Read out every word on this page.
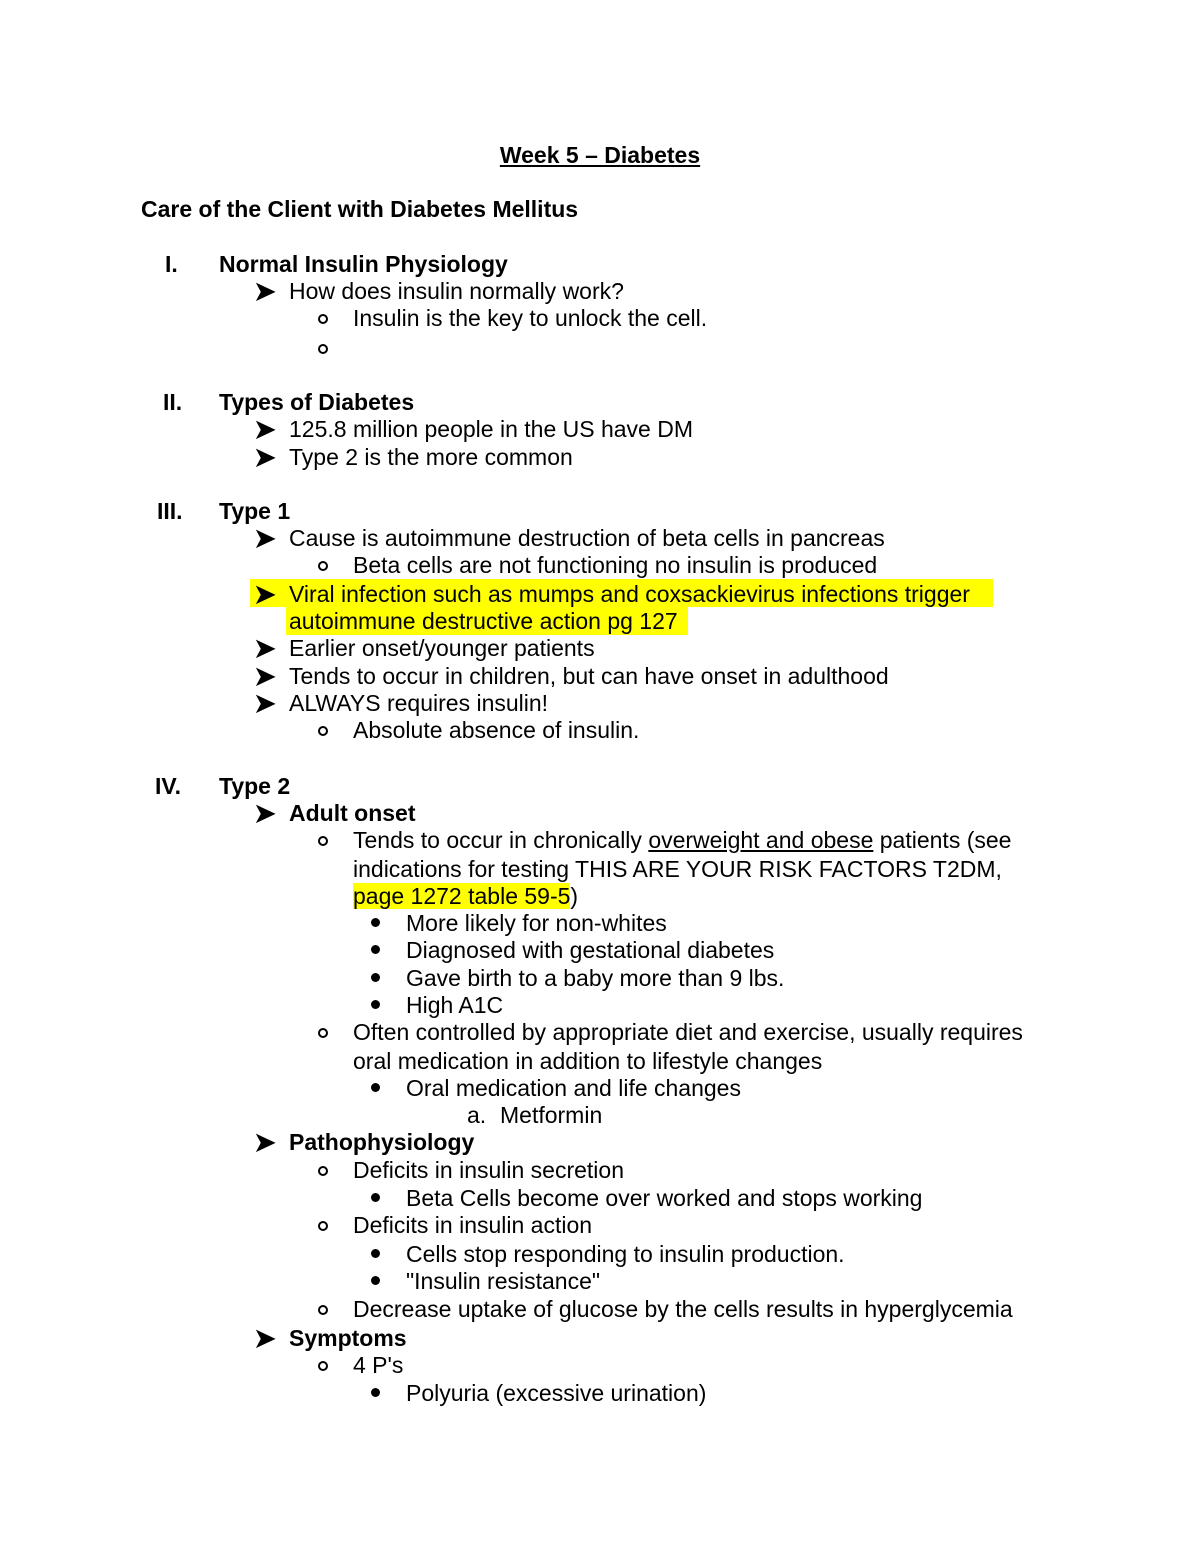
Week 5 – Diabetes
Care of the Client with Diabetes Mellitus
I. Normal Insulin Physiology
➤ How does insulin normally work?
Insulin is the key to unlock the cell.
II. Types of Diabetes
➤ 125.8 million people in the US have DM
➤ Type 2 is the more common
III. Type 1
➤ Cause is autoimmune destruction of beta cells in pancreas
Beta cells are not functioning no insulin is produced
➤ Viral infection such as mumps and coxsackievirus infections trigger
autoimmune destructive action pg 127
➤ Earlier onset/younger patients
➤ Tends to occur in children, but can have onset in adulthood
➤ ALWAYS requires insulin!
Absolute absence of insulin.
IV. Type 2
➤ Adult onset
Tends to occur in chronically overweight and obese patients (see
indications for testing THIS ARE YOUR RISK FACTORS T2DM,
page 1272 table 59-5)
More likely for non-whites
Diagnosed with gestational diabetes
Gave birth to a baby more than 9 lbs.
High A1C
Often controlled by appropriate diet and exercise, usually requires
oral medication in addition to lifestyle changes
Oral medication and life changes
a. Metformin
➤ Pathophysiology
Deficits in insulin secretion
Beta Cells become over worked and stops working
Deficits in insulin action
Cells stop responding to insulin production.
"Insulin resistance"
Decrease uptake of glucose by the cells results in hyperglycemia
➤ Symptoms
4 P's
Polyuria (excessive urination)
